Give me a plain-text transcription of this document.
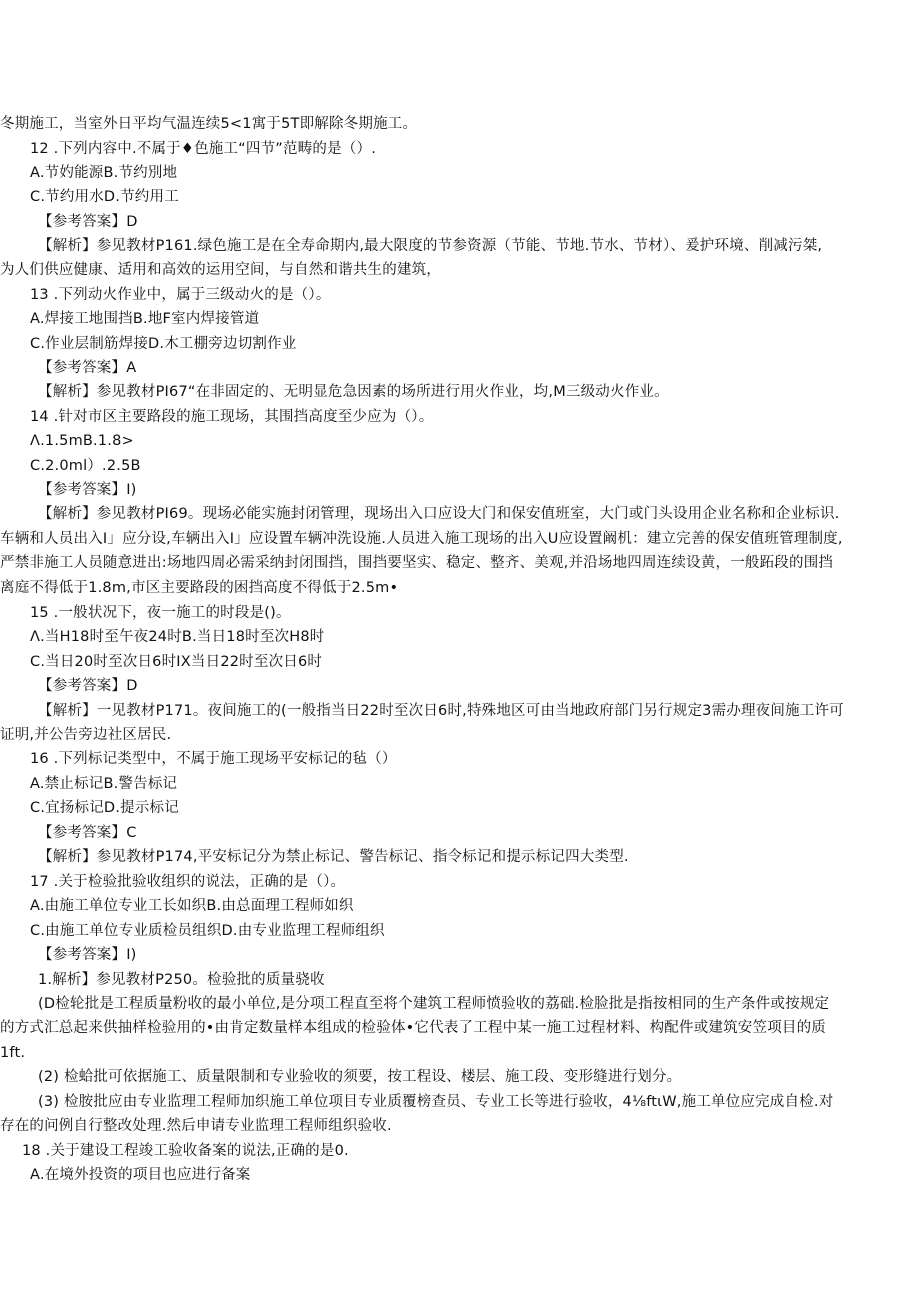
冬期施工，当室外日平均气温连续5<1寓于5T即解除冬期施工。
12 .下列内容中.不属于♦色施工“四节”范畴的是（）.
A.节妁能源B.节约別地
C.节约用水D.节约用工
【参考答案】D
【解析】参见教材P161.绿色施工是在全寿命期内,最大限度的节参资源（节能、节地.节水、节材）、爰护环境、削减污桀,
为人们供应健康、适用和高效的运用空间，与自然和谐共生的建筑，
13 .下列动火作业中，属于三级动火的是（）。
A.焊接工地围挡B.地F室内焊接管道
C.作业层制筋焊接D.木工棚旁边切割作业
【参考答案】A
【解析】参见教材PI67“在非固定的、无明显危急因素的场所进行用火作业，均,M三级动火作业。
14 .针对市区主要路段的施工现场，其围挡高度至少应为（）。
Λ.1.5mB.1.8>
C.2.0ml）.2.5B
【参考答案】I)
【解析】参见教材PI69。现场必能实施封闭管理，现场出入口应设大门和保安值班室，大门或门头设用企业名称和企业标识.
车辆和人员出入I」应分设,车辆出入I」应设置车辆冲洗设施.人员进入施工现场的出入U应设置阚机：建立完善的保安值班管理制度,
严禁非施工人员随意进出:场地四周必需采纳封闭围挡，围挡要坚实、稳定、整齐、美观,并沿场地四周连续设黄，一般跖段的围挡
离庭不得低于1.8m,市区主要路段的困挡高度不得低于2.5m•
15 .一般状况下，夜一施工的时段是()。
Λ.当H18时至午夜24时B.当日18时至次H8时
C.当日20时至次日6时IX当日22时至次日6时
【参考答案】D
【解析】一见教材P171。夜间施工的(一般指当日22时至次日6时,特殊地区可由当地政府部门另行规定3需办理夜间施工许可
证明,并公告旁边社区居民.
16 .下列标记类型中，不属于施工现场平安标记的毡（）
A.禁止标记B.警告标记
C.宜扬标记D.提示标记
【参考答案】C
【解析】参见教材P174,平安标记分为禁止标记、警告标记、指令标记和提示标记四大类型.
17 .关于检验批验收组织的说法，正确的是（）。
A.由施工单位专业工长如织B.由总面理工程师如织
C.由施工单位专业质检员组织D.由专业监理工程师组织
【参考答案】I)
1.解析】参见教材P250。检验批的质量骁收
(D检轮批是工程质量粉收的最小单位,是分项工程直至将个建筑工程师愤验收的荔础.检脸批是指按相同的生产条件或按规定
的方式汇总起来供抽样检验用的•由肯定数量样本组成的检验体•它代表了工程中某一施工过程材料、构配件或建筑安笠项目的质
1ft.
(2) 检蛤批可依据施工、质量限制和专业验收的须要，按工程设、楼层、施工段、变形缝进行划分。
(3) 检胺批应由专业监理工程师加织施工单位项目专业质覆榜查员、专业工长等进行验收，4⅛ftιW,施工单位应完成自检.对
存在的问例自行整改处理.然后申请专业监理工程师组织验收.
18 .关于建设工程竣工验收备案的说法,正确的是0.
A.在境外投资的项目也应进行备案
